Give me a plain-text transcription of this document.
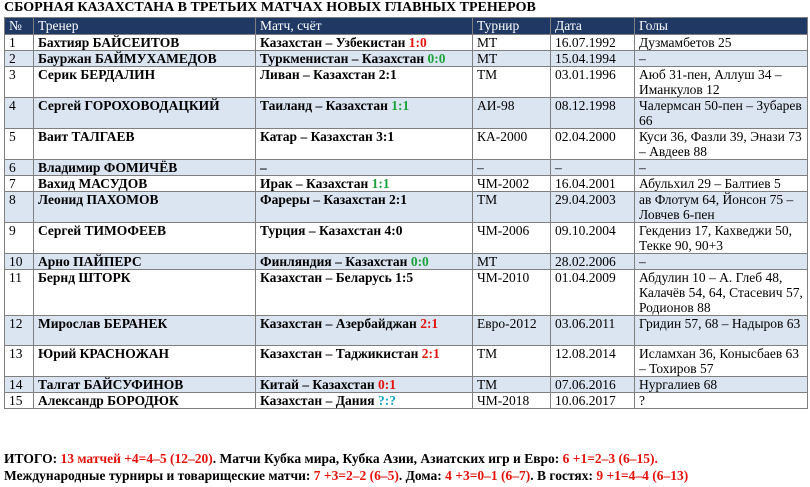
СБОРНАЯ КАЗАХСТАНА В ТРЕТЬИХ МАТЧАХ НОВЫХ ГЛАВНЫХ ТРЕНЕРОВ
№	Тренер	Матч, счёт	Турнир	Дата	Голы
1	Бахтияр БАЙСЕИТОВ	Казахстан – Узбекистан 1:0	МТ	16.07.1992	Дузмамбетов 25
2	Бауржан БАЙМУХАМЕДОВ	Туркменистан – Казахстан 0:0	МТ	15.04.1994	–
3	Серик БЕРДАЛИН	Ливан – Казахстан 2:1	ТМ	03.01.1996	Аюб 31-пен, Аллуш 34 – Иманкулов 12
4	Сергей ГОРОХОВОДАЦКИЙ	Таиланд – Казахстан 1:1	АИ-98	08.12.1998	Чалермсан 50-пен – Зубарев 66
5	Ваит ТАЛГАЕВ	Катар – Казахстан 3:1	КА-2000	02.04.2000	Куси 36, Фазли 39, Энази 73 – Авдеев 88
6	Владимир ФОМИЧЁВ	–	–	–	–
7	Вахид МАСУДОВ	Ирак – Казахстан 1:1	ЧМ-2002	16.04.2001	Абульхил 29 – Балтиев 5
8	Леонид ПАХОМОВ	Фареры – Казахстан 2:1	ТМ	29.04.2003	ав Флотум 64, Йонсон 75 – Ловчев 6-пен
9	Сергей ТИМОФЕЕВ	Турция – Казахстан 4:0	ЧМ-2006	09.10.2004	Гекдениз 17, Кахведжи 50, Текке 90, 90+3
10	Арно ПАЙПЕРС	Финляндия – Казахстан 0:0	МТ	28.02.2006	–
11	Бернд ШТОРК	Казахстан – Беларусь 1:5	ЧМ-2010	01.04.2009	Абдулин 10 – А. Глеб 48, Калачёв 54, 64, Стасевич 57, Родионов 88
12	Мирослав БЕРАНЕК	Казахстан – Азербайджан 2:1	Евро-2012	03.06.2011	Гридин 57, 68 – Надыров 63
13	Юрий КРАСНОЖАН	Казахстан – Таджикистан 2:1	ТМ	12.08.2014	Исламхан 36, Конысбаев 63 – Тохиров 57
14	Талгат БАЙСУФИНОВ	Китай – Казахстан 0:1	ТМ	07.06.2016	Нургалиев 68
15	Александр БОРОДЮК	Казахстан – Дания ?:?	ЧМ-2018	10.06.2017	?
ИТОГО: 13 матчей +4=4–5 (12–20). Матчи Кубка мира, Кубка Азии, Азиатских игр и Евро: 6 +1=2–3 (6–15).
Международные турниры и товарищеские матчи: 7 +3=2–2 (6–5). Дома: 4 +3=0–1 (6–7). В гостях: 9 +1=4–4 (6–13)
